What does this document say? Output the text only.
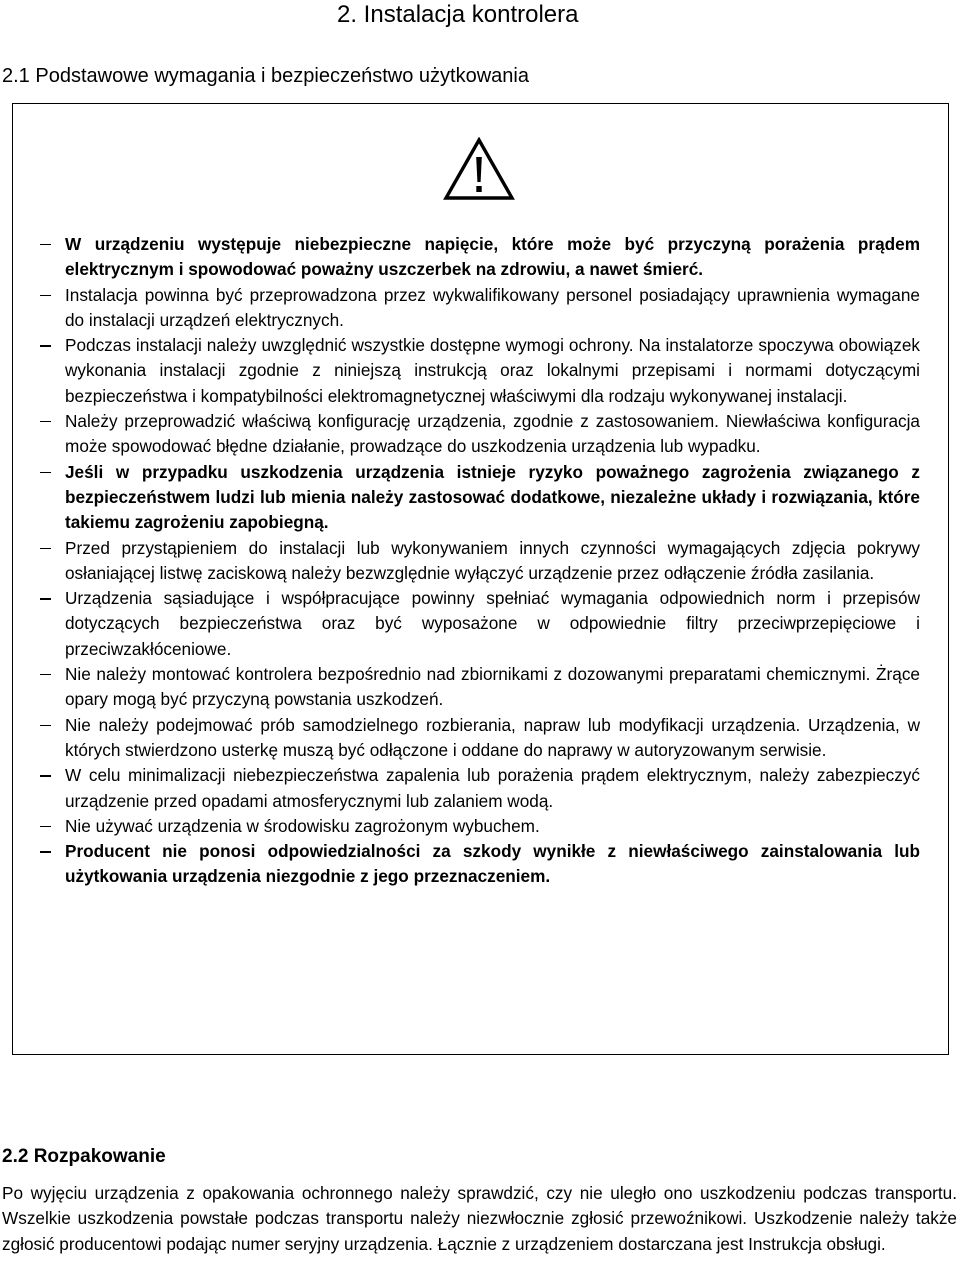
2. Instalacja kontrolera
2.1 Podstawowe wymagania i bezpieczeństwo użytkowania
W urządzeniu występuje niebezpieczne napięcie, które może być przyczyną porażenia prądem elektrycznym i spowodować poważny uszczerbek na zdrowiu, a nawet śmierć.
Instalacja powinna być przeprowadzona przez wykwalifikowany personel posiadający uprawnienia wymagane do instalacji urządzeń elektrycznych.
Podczas instalacji należy uwzględnić wszystkie dostępne wymogi ochrony. Na instalatorze spoczywa obowiązek wykonania instalacji zgodnie z niniejszą instrukcją oraz lokalnymi przepisami i normami dotyczącymi bezpieczeństwa i kompatybilności elektromagnetycznej właściwymi dla rodzaju wykonywanej instalacji.
Należy przeprowadzić właściwą konfigurację urządzenia, zgodnie z zastosowaniem. Niewłaściwa konfiguracja może spowodować błędne działanie, prowadzące do uszkodzenia urządzenia lub wypadku.
Jeśli w przypadku uszkodzenia urządzenia istnieje ryzyko poważnego zagrożenia związanego z bezpieczeństwem ludzi lub mienia należy zastosować dodatkowe, niezależne układy i rozwiązania, które takiemu zagrożeniu zapobiegną.
Przed przystąpieniem do instalacji lub wykonywaniem innych czynności wymagających zdjęcia pokrywy osłaniającej listwę zaciskową należy bezwzględnie wyłączyć urządzenie przez odłączenie źródła zasilania.
Urządzenia sąsiadujące i współpracujące powinny spełniać wymagania odpowiednich norm i przepisów dotyczących bezpieczeństwa oraz być wyposażone w odpowiednie filtry przeciwprzepięciowe i przeciwzakłóceniowe.
Nie należy montować kontrolera bezpośrednio nad zbiornikami z dozowanymi preparatami chemicznymi. Żrące opary mogą być przyczyną powstania uszkodzeń.
Nie należy podejmować prób samodzielnego rozbierania, napraw lub modyfikacji urządzenia. Urządzenia, w których stwierdzono usterkę muszą być odłączone i oddane do naprawy w autoryzowanym serwisie.
W celu minimalizacji niebezpieczeństwa zapalenia lub porażenia prądem elektrycznym, należy zabezpieczyć urządzenie przed opadami atmosferycznymi lub zalaniem wodą.
Nie używać urządzenia w środowisku zagrożonym wybuchem.
Producent nie ponosi odpowiedzialności za szkody wynikłe z niewłaściwego zainstalowania lub użytkowania urządzenia niezgodnie z jego przeznaczeniem.
2.2 Rozpakowanie

Po wyjęciu urządzenia z opakowania ochronnego należy sprawdzić, czy nie uległo ono uszkodzeniu podczas transportu. Wszelkie uszkodzenia powstałe podczas transportu należy niezwłocznie zgłosić przewoźnikowi. Uszkodzenie należy także zgłosić producentowi podając numer seryjny urządzenia. Łącznie z urządzeniem dostarczana jest Instrukcja obsługi.
